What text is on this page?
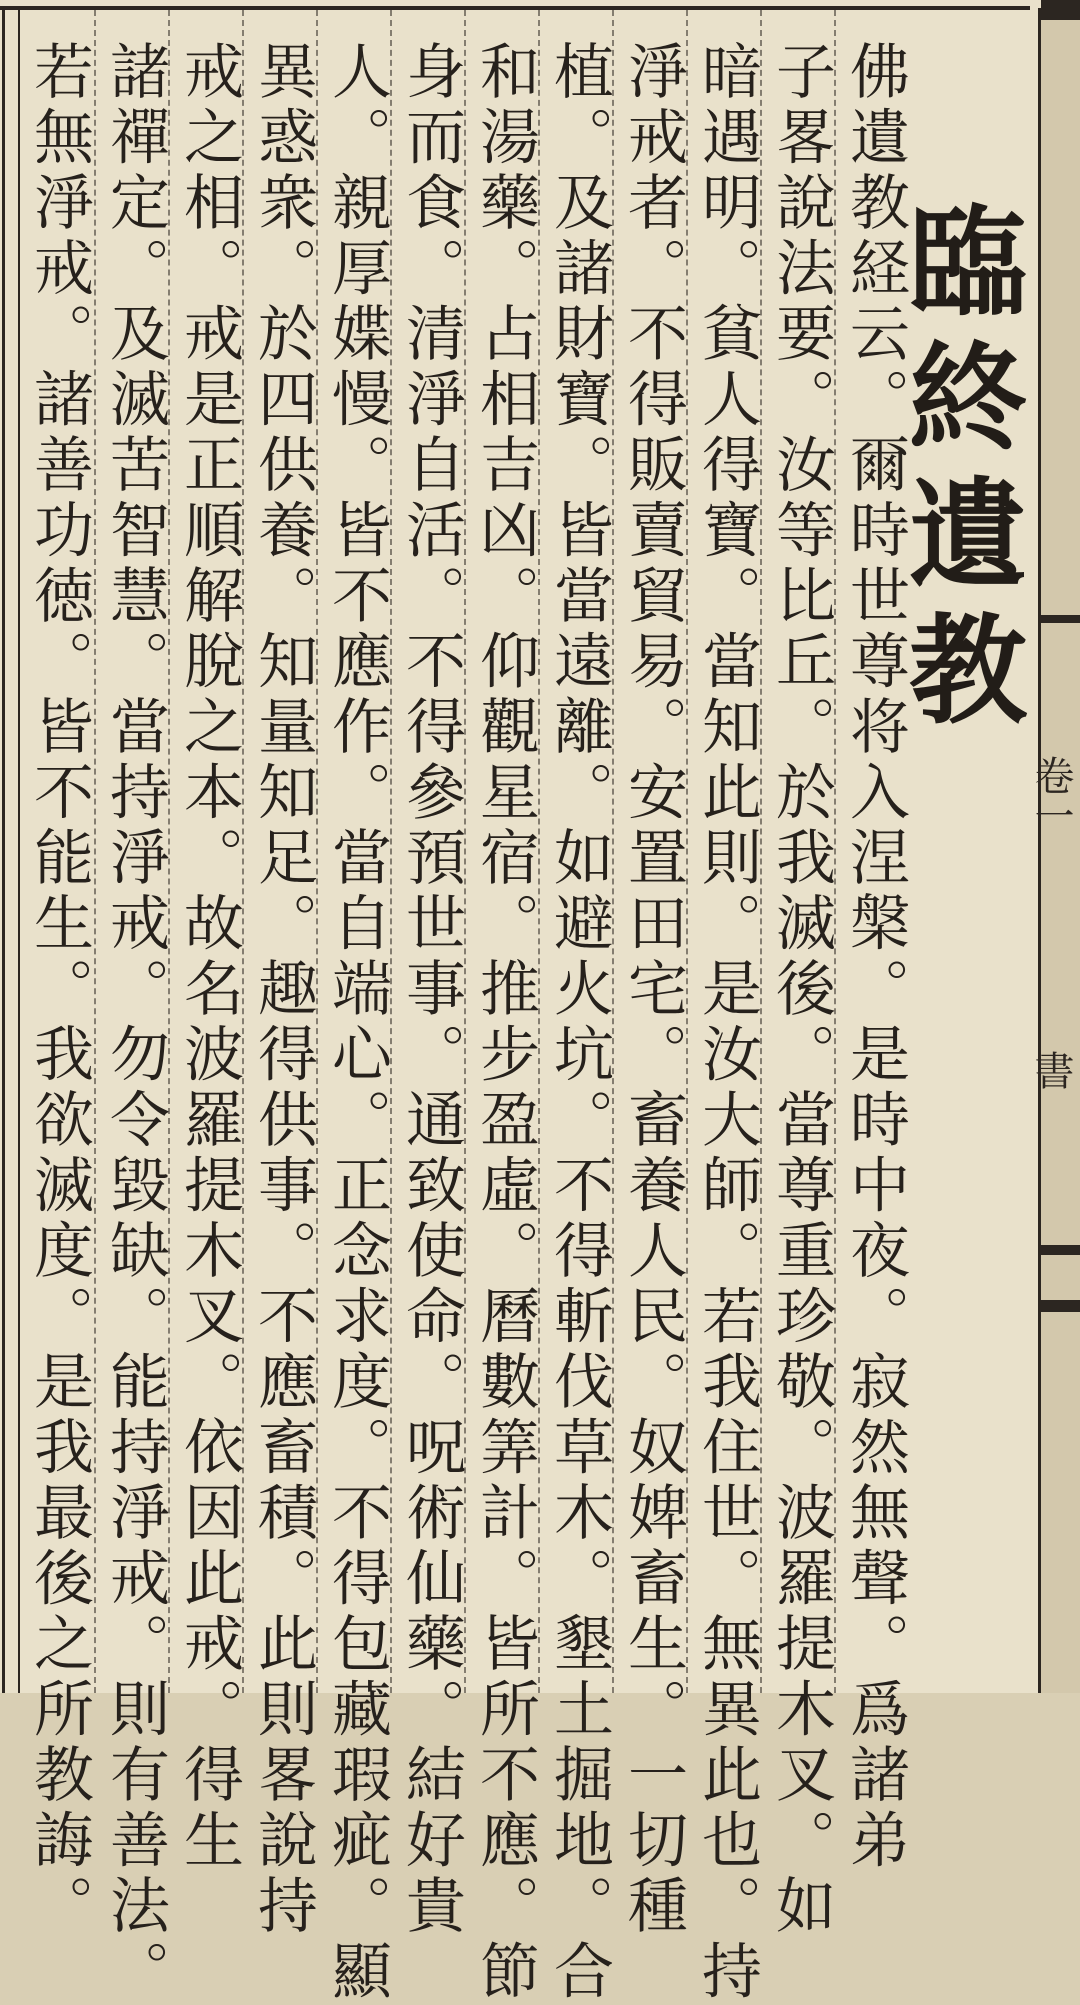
臨終遺教
佛遺教経云。爾時世尊将入涅槃。是時中夜。寂然無聲。爲諸弟
子畧說法要。汝等比丘。於我滅後。當尊重珍敬。波羅提木叉。如
暗遇明。貧人得寶。當知此則。是汝大師。若我住世。無異此也。持
淨戒者。不得販賣貿易。安置田宅。畜養人民。奴婢畜生。一切種
植。及諸財寶。皆當遠離。如避火坑。不得斬伐草木。墾土掘地。合
和湯藥。占相吉凶。仰觀星宿。推步盈虛。曆數筭計。皆所不應。節
身而食。清淨自活。不得參預世事。通致使命。呪術仙藥。結好貴
人。親厚媟慢。皆不應作。當自端心。正念求度。不得包藏瑕疵。顯
異惑衆。於四供養。知量知足。趣得供事。不應畜積。此則畧說持
戒之相。戒是正順解脫之本。故名波羅提木叉。依因此戒。得生
諸禪定。及滅苦智慧。當持淨戒。勿令毀缺。能持淨戒。則有善法。
若無淨戒。諸善功徳。皆不能生。我欲滅度。是我最後之所教誨。	卷一
書
